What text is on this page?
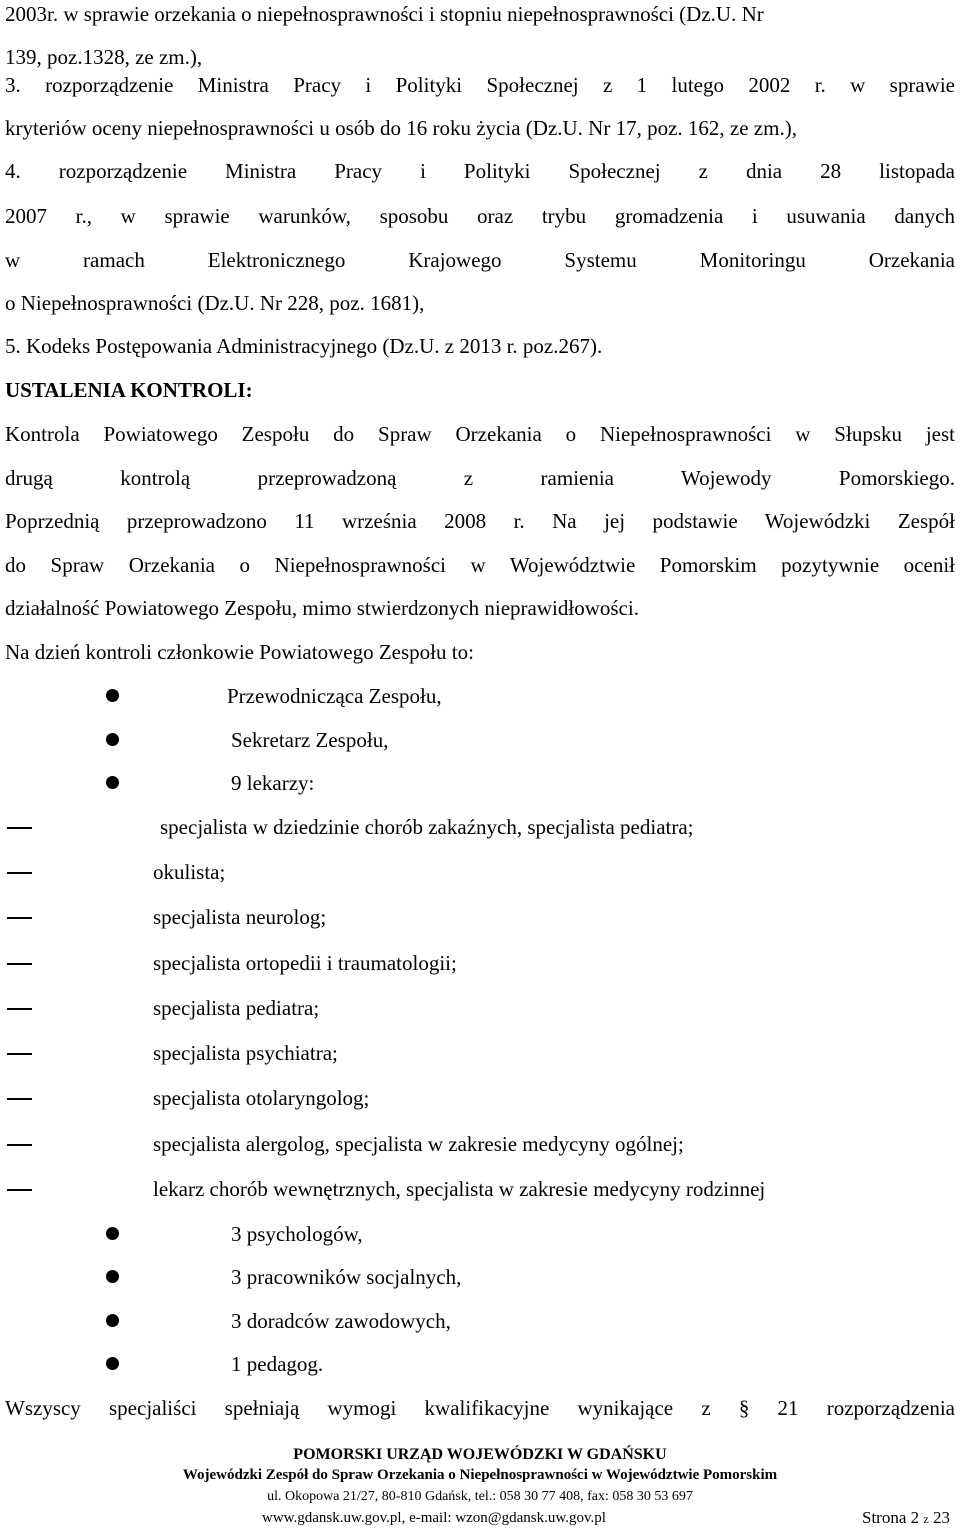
2003r. w sprawie orzekania o niepełnosprawności i stopniu niepełnosprawności (Dz.U. Nr
139, poz.1328, ze zm.),
3. rozporządzenie Ministra Pracy i Polityki Społecznej z 1 lutego 2002 r. w sprawie
kryteriów oceny niepełnosprawności u osób do 16 roku życia (Dz.U. Nr 17, poz. 162, ze zm.),
4. rozporządzenie Ministra Pracy i Polityki Społecznej z dnia 28 listopada
2007 r., w sprawie warunków, sposobu oraz trybu gromadzenia i usuwania danych
w ramach Elektronicznego Krajowego Systemu Monitoringu Orzekania
o Niepełnosprawności (Dz.U. Nr 228, poz. 1681),
5. Kodeks Postępowania Administracyjnego (Dz.U. z 2013 r. poz.267).
USTALENIA KONTROLI:
Kontrola Powiatowego Zespołu do Spraw Orzekania o Niepełnosprawności w Słupsku jest
drugą kontrolą przeprowadzoną z ramienia Wojewody Pomorskiego.
Poprzednią przeprowadzono 11 września 2008 r. Na jej podstawie Wojewódzki Zespół
do Spraw Orzekania o Niepełnosprawności w Województwie Pomorskim pozytywnie ocenił
działalność Powiatowego Zespołu, mimo stwierdzonych nieprawidłowości.
Na dzień kontroli członkowie Powiatowego Zespołu to:
Przewodnicząca Zespołu,
Sekretarz Zespołu,
9 lekarzy:
specjalista w dziedzinie chorób zakaźnych, specjalista pediatra;
okulista;
specjalista neurolog;
specjalista ortopedii i traumatologii;
specjalista pediatra;
specjalista psychiatra;
specjalista otolaryngolog;
specjalista alergolog, specjalista w zakresie medycyny ogólnej;
lekarz chorób wewnętrznych, specjalista w zakresie medycyny rodzinnej
3 psychologów,
3 pracowników socjalnych,
3 doradców zawodowych,
1 pedagog.
Wszyscy specjaliści spełniają wymogi kwalifikacyjne wynikające z § 21 rozporządzenia
POMORSKI URZĄD WOJEWÓDZKI W GDAŃSKU
Wojewódzki Zespół do Spraw Orzekania o Niepełnosprawności w Województwie Pomorskim
ul. Okopowa 21/27, 80-810 Gdańsk, tel.: 058 30 77 408, fax: 058 30 53 697
www.gdansk.uw.gov.pl, e-mail: wzon@gdansk.uw.gov.pl	Strona 2 z 23
